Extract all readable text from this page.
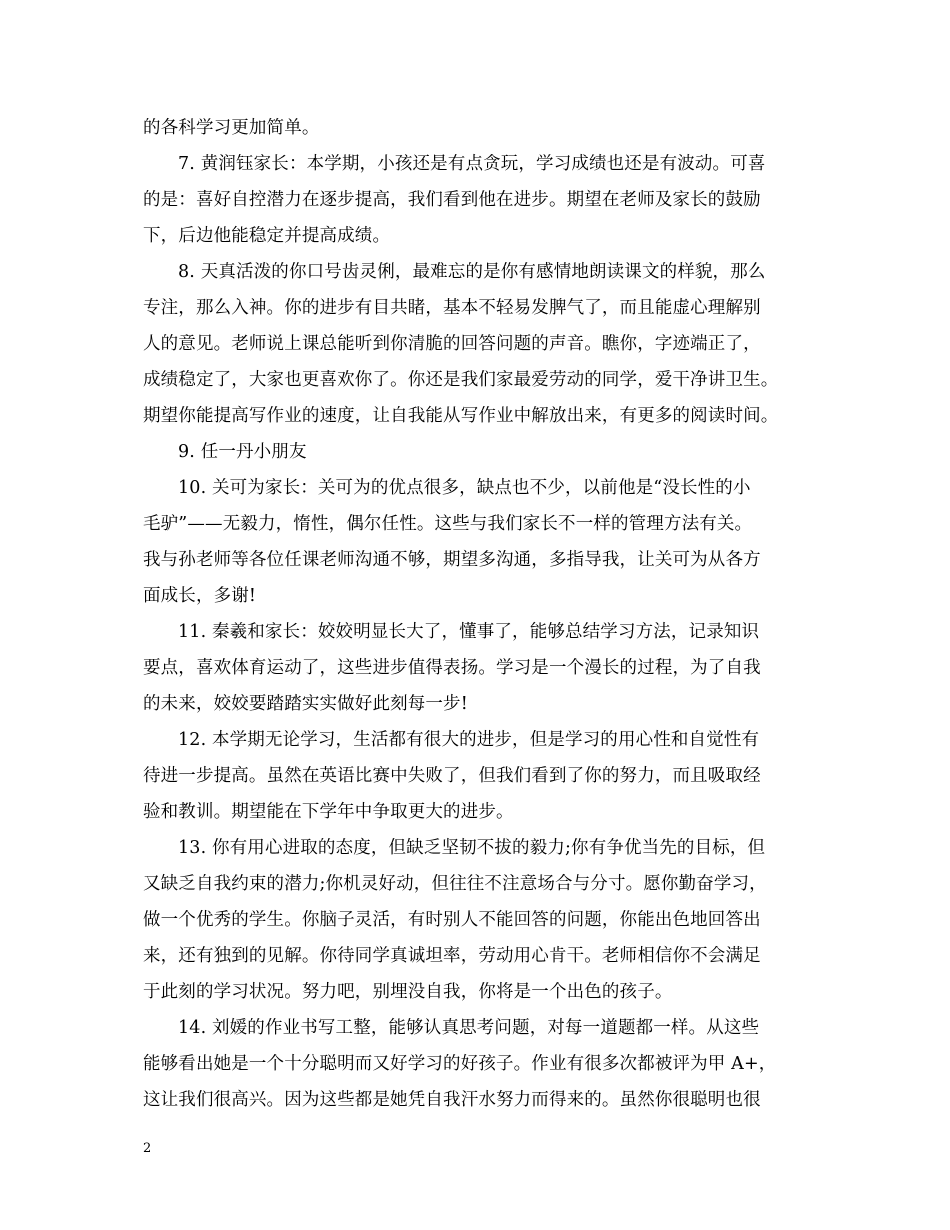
的各科学习更加简单。
7. 黄润钰家长：本学期，小孩还是有点贪玩，学习成绩也还是有波动。可喜
的是：喜好自控潜力在逐步提高，我们看到他在进步。期望在老师及家长的鼓励
下，后边他能稳定并提高成绩。
8. 天真活泼的你口号齿灵俐，最难忘的是你有感情地朗读课文的样貌，那么
专注，那么入神。你的进步有目共睹，基本不轻易发脾气了，而且能虚心理解别
人的意见。老师说上课总能听到你清脆的回答问题的声音。瞧你，字迹端正了，
成绩稳定了，大家也更喜欢你了。你还是我们家最爱劳动的同学，爱干净讲卫生。
期望你能提高写作业的速度，让自我能从写作业中解放出来，有更多的阅读时间。
9. 任一丹小朋友
10. 关可为家长：关可为的优点很多，缺点也不少，以前他是“没长性的小
毛驴”——无毅力，惰性，偶尔任性。这些与我们家长不一样的管理方法有关。
我与孙老师等各位任课老师沟通不够，期望多沟通，多指导我，让关可为从各方
面成长，多谢!
11. 秦羲和家长：姣姣明显长大了，懂事了，能够总结学习方法，记录知识
要点，喜欢体育运动了，这些进步值得表扬。学习是一个漫长的过程，为了自我
的未来，姣姣要踏踏实实做好此刻每一步!
12. 本学期无论学习，生活都有很大的进步，但是学习的用心性和自觉性有
待进一步提高。虽然在英语比赛中失败了，但我们看到了你的努力，而且吸取经
验和教训。期望能在下学年中争取更大的进步。
13. 你有用心进取的态度，但缺乏坚韧不拔的毅力;你有争优当先的目标，但
又缺乏自我约束的潜力;你机灵好动，但往往不注意场合与分寸。愿你勤奋学习，
做一个优秀的学生。你脑子灵活，有时别人不能回答的问题，你能出色地回答出
来，还有独到的见解。你待同学真诚坦率，劳动用心肯干。老师相信你不会满足
于此刻的学习状况。努力吧，别埋没自我，你将是一个出色的孩子。
14. 刘媛的作业书写工整，能够认真思考问题，对每一道题都一样。从这些
能够看出她是一个十分聪明而又好学习的好孩子。作业有很多次都被评为甲 A+，
这让我们很高兴。因为这些都是她凭自我汗水努力而得来的。虽然你很聪明也很
2
